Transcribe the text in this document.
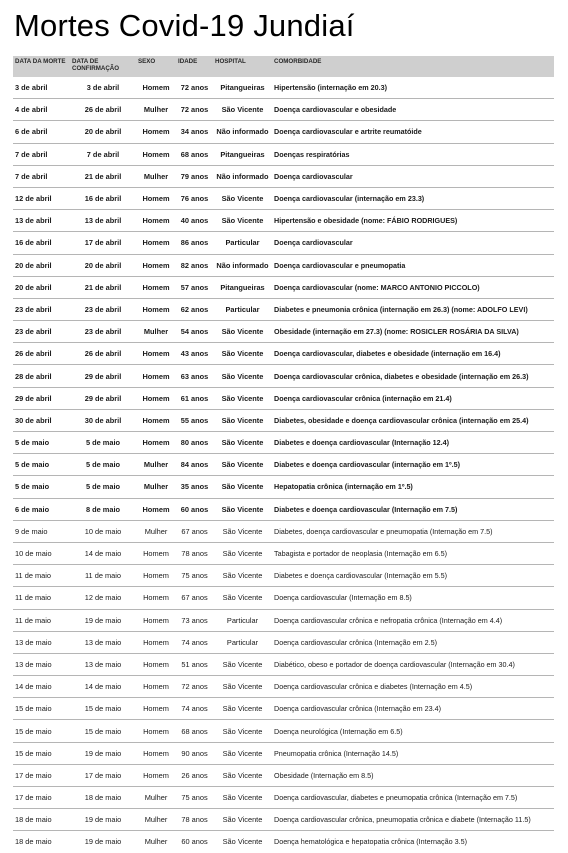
Mortes Covid-19 Jundiaí
DATA DA MORTE	DATA DE CONFIRMAÇÃO	SEXO	IDADE	HOSPITAL	COMORBIDADE
3 de abril	3 de abril	Homem	72 anos	Pitangueiras	Hipertensão (internação em 20.3)
4 de abril	26 de abril	Mulher	72 anos	São Vicente	Doença cardiovascular e obesidade
6 de abril	20 de abril	Homem	34 anos	Não informado	Doença cardiovascular e artrite reumatóide
7 de abril	7 de abril	Homem	68 anos	Pitangueiras	Doenças respiratórias
7 de abril	21 de abril	Mulher	79 anos	Não informado	Doença cardiovascular
12 de abril	16 de abril	Homem	76 anos	São Vicente	Doença cardiovascular (internação em 23.3)
13 de abril	13 de abril	Homem	40 anos	São Vicente	Hipertensão e obesidade (nome: FÁBIO RODRIGUES)
16 de abril	17 de abril	Homem	86 anos	Particular	Doença cardiovascular
20 de abril	20 de abril	Homem	82 anos	Não informado	Doença cardiovascular e pneumopatia
20 de abril	21 de abril	Homem	57 anos	Pitangueiras	Doença cardiovascular (nome: MARCO ANTONIO PICCOLO)
23 de abril	23 de abril	Homem	62 anos	Particular	Diabetes e pneumonia crônica (internação em 26.3) (nome: ADOLFO LEVI)
23 de abril	23 de abril	Mulher	54 anos	São Vicente	Obesidade (internação em 27.3) (nome: ROSICLER ROSÁRIA DA SILVA)
26 de abril	26 de abril	Homem	43 anos	São Vicente	Doença cardiovascular, diabetes e obesidade (internação em 16.4)
28 de abril	29 de abril	Homem	63 anos	São Vicente	Doença cardiovascular crônica, diabetes e obesidade (internação em 26.3)
29 de abril	29 de abril	Homem	61 anos	São Vicente	Doença cardiovascular crônica (internação em 21.4)
30 de abril	30 de abril	Homem	55 anos	São Vicente	Diabetes, obesidade e doença cardiovascular crônica (internação em 25.4)
5 de maio	5 de maio	Homem	80 anos	São Vicente	Diabetes e doença cardiovascular (Internação 12.4)
5 de maio	5 de maio	Mulher	84 anos	São Vicente	Diabetes e doença cardiovascular (internação em 1º.5)
5 de maio	5 de maio	Mulher	35 anos	São Vicente	Hepatopatia crônica (internação em 1º.5)
6 de maio	8 de maio	Homem	60 anos	São Vicente	Diabetes e doença cardiovascular (Internação em 7.5)
9 de maio	10 de maio	Mulher	67 anos	São Vicente	Diabetes, doença cardiovascular e pneumopatia (Internação em 7.5)
10 de maio	14 de maio	Homem	78 anos	São Vicente	Tabagista e portador de neoplasia (Internação em 6.5)
11 de maio	11 de maio	Homem	75 anos	São Vicente	Diabetes e doença cardiovascular (Internação em 5.5)
11 de maio	12 de maio	Homem	67 anos	São Vicente	Doença cardiovascular (Internação em 8.5)
11 de maio	19 de maio	Homem	73 anos	Particular	Doença cardiovascular crônica e nefropatia crônica (Internação em 4.4)
13 de maio	13 de maio	Homem	74 anos	Particular	Doença cardiovascular crônica (Internação em 2.5)
13 de maio	13 de maio	Homem	51 anos	São Vicente	Diabético, obeso e portador de doença cardiovascular (Internação em 30.4)
14 de maio	14 de maio	Homem	72 anos	São Vicente	Doença cardiovascular crônica e diabetes (Internação em 4.5)
15 de maio	15 de maio	Homem	74 anos	São Vicente	Doença cardiovascular crônica (Internação em 23.4)
15 de maio	15 de maio	Homem	68 anos	São Vicente	Doença neurológica (Internação em 6.5)
15 de maio	19 de maio	Homem	90 anos	São Vicente	Pneumopatia crônica (Internação 14.5)
17 de maio	17 de maio	Homem	26 anos	São Vicente	Obesidade (Internação em 8.5)
17 de maio	18 de maio	Mulher	75 anos	São Vicente	Doença cardiovascular, diabetes e pneumopatia crônica (Internação em 7.5)
18 de maio	19 de maio	Mulher	78 anos	São Vicente	Doença cardiovascular crônica, pneumopatia crônica e diabete (Internação 11.5)
18 de maio	19 de maio	Mulher	60 anos	São Vicente	Doença hematológica e hepatopatia crônica (Internação 3.5)
